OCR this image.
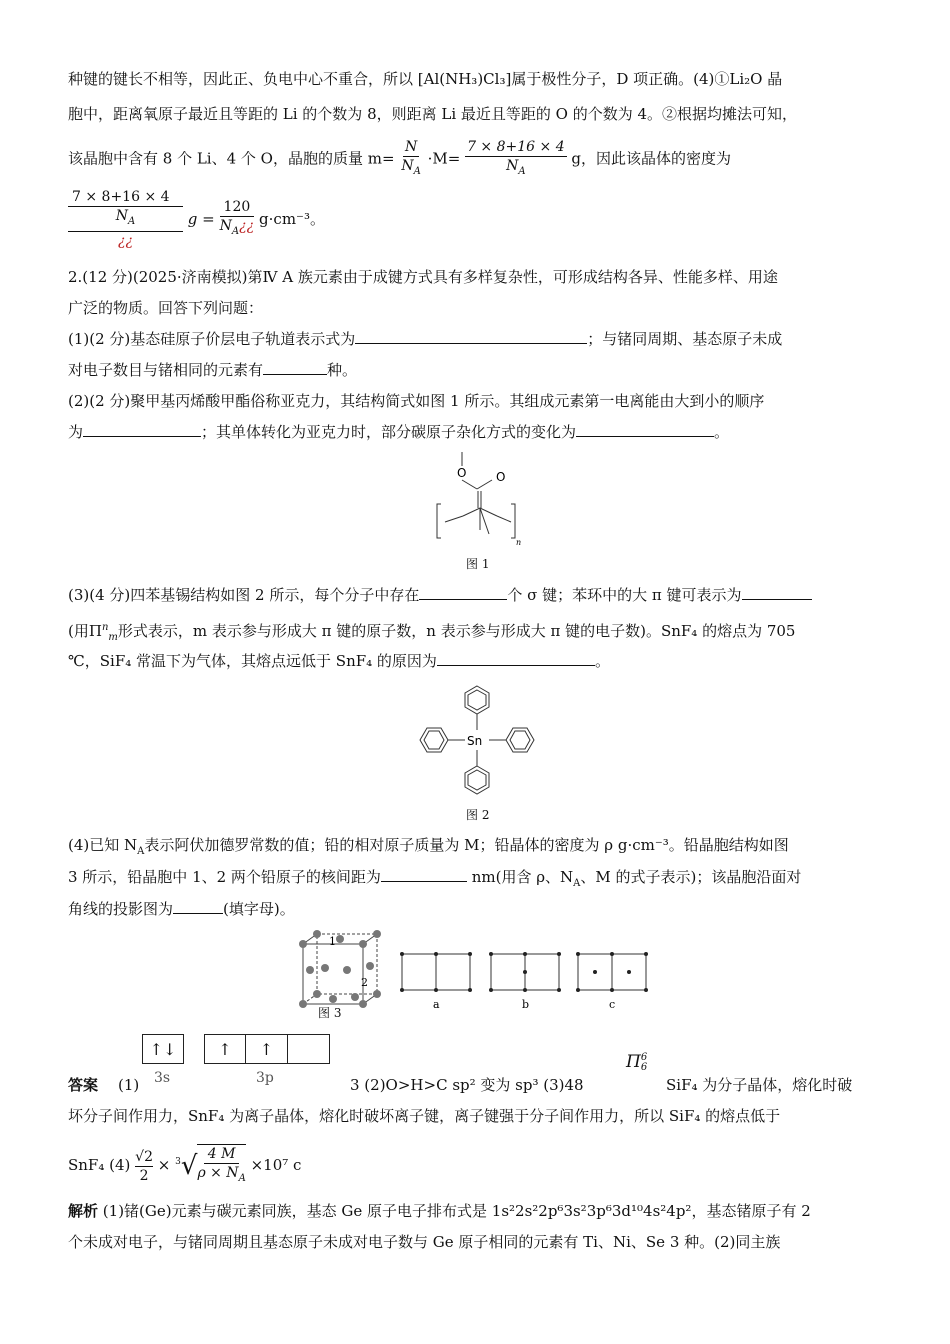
种键的键长不相等，因此正、负电中心不重合，所以 [Al(NH₃)Cl₃]属于极性分子，D 项正确。(4)①Li₂O 晶
胞中，距离氧原子最近且等距的 Li 的个数为 8，则距离 Li 最近且等距的 O 的个数为 4。②根据均摊法可知，
该晶胞中含有 8 个 Li、4 个 O，晶胞的质量 $m= \frac{N}{N_A} \cdot M= \frac{7 \times 8+16 \times 4}{N_A}$ g，因此该晶体的密度为
7 × 8+16 × 4
$N_A$
¿¿
$g = \frac{120}{N_A¿¿} g\cdot cm^{-3}$。
2.(12 分)(2025·济南模拟)第Ⅳ A 族元素由于成键方式具有多样复杂性，可形成结构各异、性能多样、用途
广泛的物质。回答下列问题：
(1)(2 分)基态硅原子价层电子轨道表示式为	；与锗同周期、基态原子未成
对电子数目与锗相同的元素有	种。
(2)(2 分)聚甲基丙烯酸甲酯俗称亚克力，其结构简式如图 1 所示。其组成元素第一电离能由大到小的顺序
为	；其单体转化为亚克力时，部分碳原子杂化方式的变化为	。
O O
n
图 1
(3)(4 分)四苯基锡结构如图 2 所示，每个分子中存在	个 σ 键；苯环中的大 π 键可表示为
(用$\Pi^n_m$形式表示，m 表示参与形成大 π 键的原子数，n 表示参与形成大 π 键的电子数)。SnF₄ 的熔点为 705
℃，SiF₄ 常温下为气体，其熔点远低于 SnF₄ 的原因为	。
Sn
图 2
(4)已知 $N_A$表示阿伏加德罗常数的值；铅的相对原子质量为 M；铅晶体的密度为 ρ g·cm⁻³。铅晶胞结构如图
3 所示，铅晶胞中 1、2 两个铅原子的核间距为	nm(用含 ρ、$N_A$、M 的式子表示)；该晶胞沿面对
角线的投影图为	(填字母)。
1
2
a	b	c
图 3
答案 (1)
↑↓
3s
↑	↑
3p	3 (2)O>H>C sp² 变为 sp³ (3)48
Π 6
6
SiF₄ 为分子晶体，熔化时破
坏分子间作用力，SnF₄ 为离子晶体，熔化时破坏离子键，离子键强于分子间作用力，所以 SiF₄ 的熔点低于
SnF₄ $(4) \frac{√2}{2} \times ^3√ \frac{4 M}{\rho \times N_A} \times 10^7$ c
解析 (1)锗(Ge)元素与碳元素同族，基态 Ge 原子电子排布式是 1s²2s²2p⁶3s²3p⁶3d¹⁰4s²4p²，基态锗原子有 2
个未成对电子，与锗同周期且基态原子未成对电子数与 Ge 原子相同的元素有 Ti、Ni、Se 3 种。(2)同主族
